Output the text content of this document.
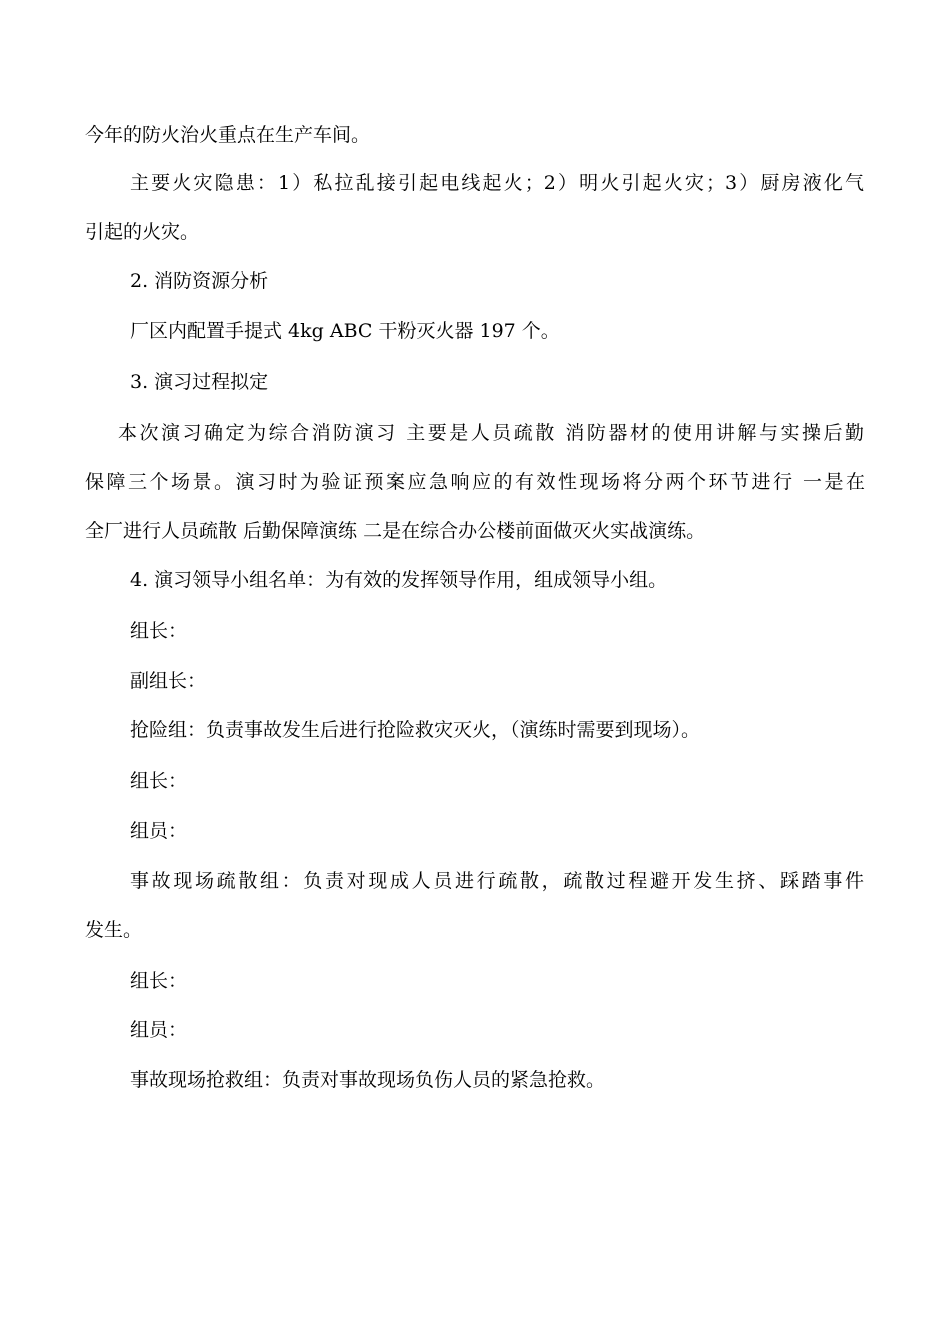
今年的防火治火重点在生产车间。
主要火灾隐患：1）私拉乱接引起电线起火；2）明火引起火灾；3）厨房液化气
引起的火灾。
2. 消防资源分析
厂区内配置手提式 4kg ABC 干粉灭火器 197 个。
3. 演习过程拟定
本次演习确定为综合消防演习 主要是人员疏散 消防器材的使用讲解与实操后勤
保障三个场景。演习时为验证预案应急响应的有效性现场将分两个环节进行 一是在
全厂进行人员疏散 后勤保障演练 二是在综合办公楼前面做灭火实战演练。
4. 演习领导小组名单：为有效的发挥领导作用，组成领导小组。
组长：
副组长：
抢险组：负责事故发生后进行抢险救灾灭火，（演练时需要到现场）。
组长：
组员：
事故现场疏散组：负责对现成人员进行疏散，疏散过程避开发生挤、踩踏事件
发生。
组长：
组员：
事故现场抢救组：负责对事故现场负伤人员的紧急抢救。
